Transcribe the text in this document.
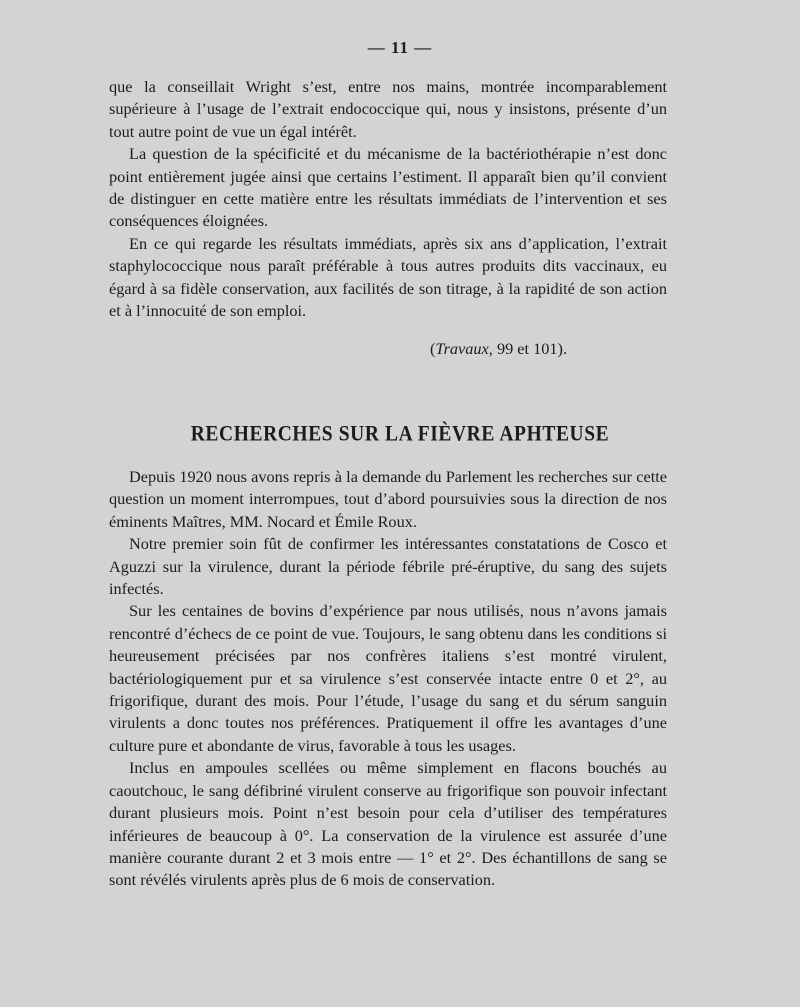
— 11 —

que la conseillait Wright s’est, entre nos mains, montrée incomparablement supérieure à l’usage de l’extrait endococcique qui, nous y insistons, présente d’un tout autre point de vue un égal intérêt.

La question de la spécificité et du mécanisme de la bactériothérapie n’est donc point entièrement jugée ainsi que certains l’estiment. Il apparaît bien qu’il convient de distinguer en cette matière entre les résultats immédiats de l’intervention et ses conséquences éloignées.

En ce qui regarde les résultats immédiats, après six ans d’application, l’extrait staphylococcique nous paraît préférable à tous autres produits dits vaccinaux, eu égard à sa fidèle conservation, aux facilités de son titrage, à la rapidité de son action et à l’innocuité de son emploi.

(Travaux, 99 et 101).
RECHERCHES SUR LA FIÈVRE APHTEUSE

Depuis 1920 nous avons repris à la demande du Parlement les recherches sur cette question un moment interrompues, tout d’abord poursuivies sous la direction de nos éminents Maîtres, MM. Nocard et Émile Roux.

Notre premier soin fût de confirmer les intéressantes constatations de Cosco et Aguzzi sur la virulence, durant la période fébrile pré-éruptive, du sang des sujets infectés.

Sur les centaines de bovins d’expérience par nous utilisés, nous n’avons jamais rencontré d’échecs de ce point de vue. Toujours, le sang obtenu dans les conditions si heureusement précisées par nos confrères italiens s’est montré virulent, bactériologiquement pur et sa virulence s’est conservée intacte entre 0 et 2°, au frigorifique, durant des mois. Pour l’étude, l’usage du sang et du sérum sanguin virulents a donc toutes nos préférences. Pratiquement il offre les avantages d’une culture pure et abondante de virus, favorable à tous les usages.

Inclus en ampoules scellées ou même simplement en flacons bouchés au caoutchouc, le sang défibriné virulent conserve au frigorifique son pouvoir infectant durant plusieurs mois. Point n’est besoin pour cela d’utiliser des températures inférieures de beaucoup à 0°. La conservation de la virulence est assurée d’une manière courante durant 2 et 3 mois entre — 1° et 2°. Des échantillons de sang se sont révélés virulents après plus de 6 mois de conservation.
